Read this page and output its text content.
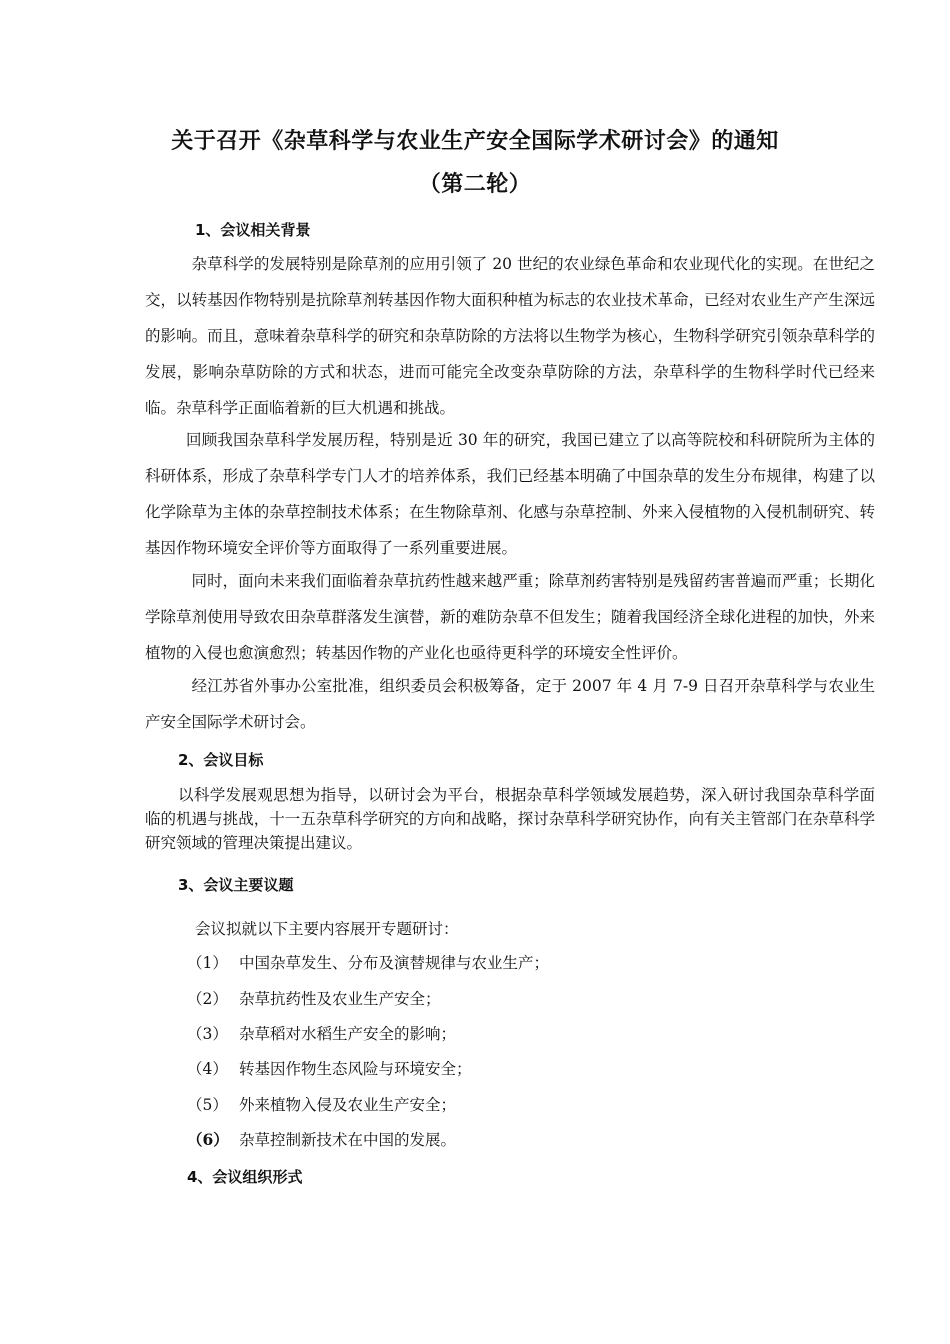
关于召开《杂草科学与农业生产安全国际学术研讨会》的通知
（第二轮）
1、会议相关背景

　杂草科学的发展特别是除草剂的应用引领了 20 世纪的农业绿色革命和农业现代化的实现。在世纪之交，以转基因作物特别是抗除草剂转基因作物大面积种植为标志的农业技术革命，已经对农业生产产生深远的影响。而且，意味着杂草科学的研究和杂草防除的方法将以生物学为核心，生物科学研究引领杂草科学的发展，影响杂草防除的方式和状态，进而可能完全改变杂草防除的方法，杂草科学的生物科学时代已经来临。杂草科学正面临着新的巨大机遇和挑战。

回顾我国杂草科学发展历程，特别是近 30 年的研究，我国已建立了以高等院校和科研院所为主体的科研体系，形成了杂草科学专门人才的培养体系，我们已经基本明确了中国杂草的发生分布规律，构建了以化学除草为主体的杂草控制技术体系；在生物除草剂、化感与杂草控制、外来入侵植物的入侵机制研究、转基因作物环境安全评价等方面取得了一系列重要进展。

　同时，面向未来我们面临着杂草抗药性越来越严重；除草剂药害特别是残留药害普遍而严重；长期化学除草剂使用导致农田杂草群落发生演替，新的难防杂草不但发生；随着我国经济全球化进程的加快，外来植物的入侵也愈演愈烈；转基因作物的产业化也亟待更科学的环境安全性评价。

　经江苏省外事办公室批准，组织委员会积极筹备，定于 2007 年 4 月 7-9 日召开杂草科学与农业生产安全国际学术研讨会。

2、会议目标

以科学发展观思想为指导，以研讨会为平台，根据杂草科学领域发展趋势，深入研讨我国杂草科学面临的机遇与挑战，十一五杂草科学研究的方向和战略，探讨杂草科学研究协作，向有关主管部门在杂草科学研究领域的管理决策提出建议。

3、会议主要议题
会议拟就以下主要内容展开专题研讨：
（1） 中国杂草发生、分布及演替规律与农业生产；
（2） 杂草抗药性及农业生产安全；
（3） 杂草稻对水稻生产安全的影响；
（4） 转基因作物生态风险与环境安全；
（5） 外来植物入侵及农业生产安全；
（6） 杂草控制新技术在中国的发展。
4、会议组织形式
